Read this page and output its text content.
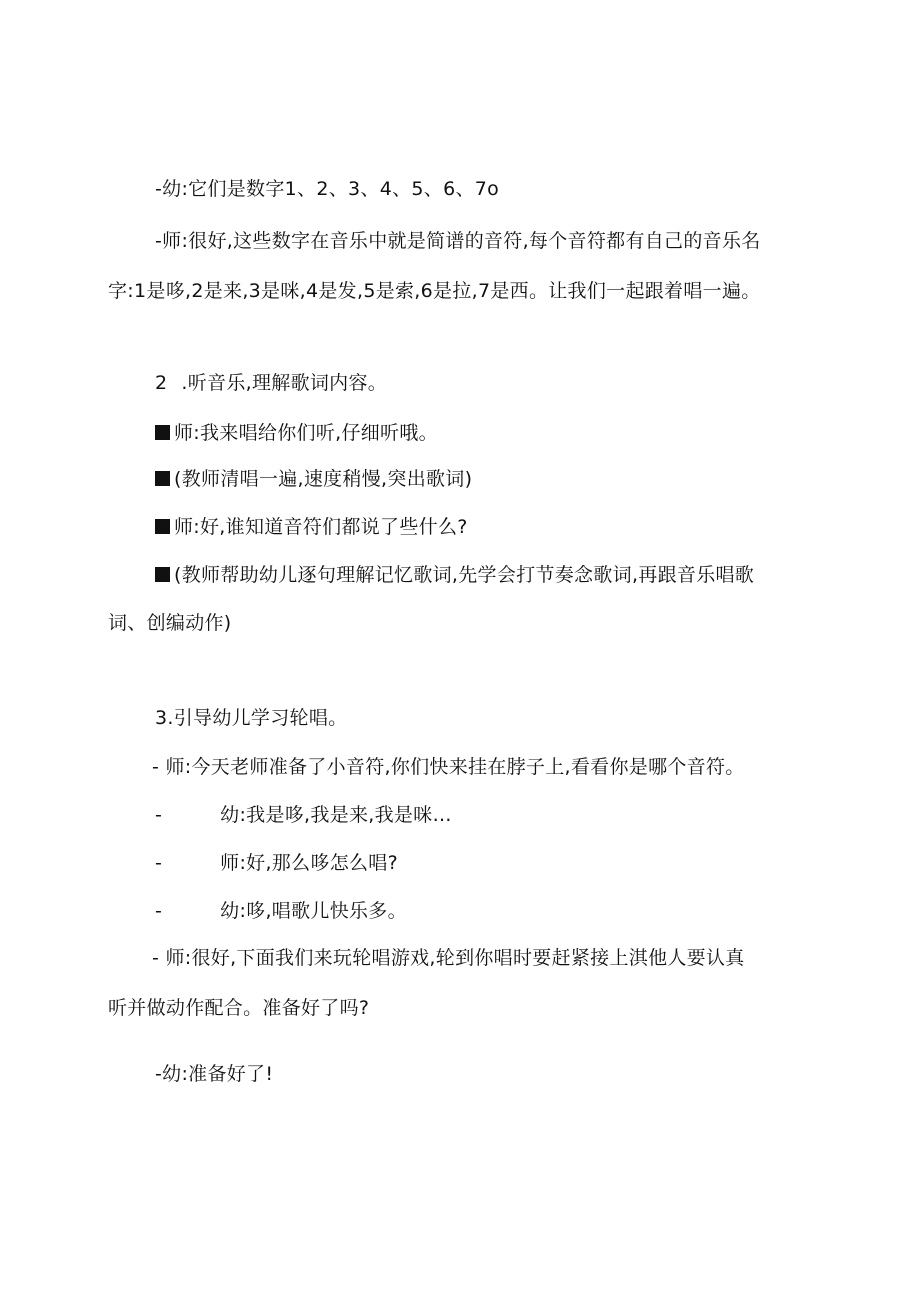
-幼:它们是数字1、2、3、4、5、6、7o
-师:很好,这些数字在音乐中就是简谱的音符,每个音符都有自己的音乐名
字:1是哆,2是来,3是咪,4是发,5是索,6是拉,7是西。让我们一起跟着唱一遍。
2 .听音乐,理解歌词内容。
师:我来唱给你们听,仔细听哦。
(教师清唱一遍,速度稍慢,突出歌词)
师:好,谁知道音符们都说了些什么?
(教师帮助幼儿逐句理解记忆歌词,先学会打节奏念歌词,再跟音乐唱歌
词、创编动作)
3.引导幼儿学习轮唱。
- 师:今天老师准备了小音符,你们快来挂在脖子上,看看你是哪个音符。
-	幼:我是哆,我是来,我是咪…
-	师:好,那么哆怎么唱?
-	幼:哆,唱歌儿快乐多。
- 师:很好,下面我们来玩轮唱游戏,轮到你唱时要赶紧接上淇他人要认真
听并做动作配合。准备好了吗?
-幼:准备好了!
